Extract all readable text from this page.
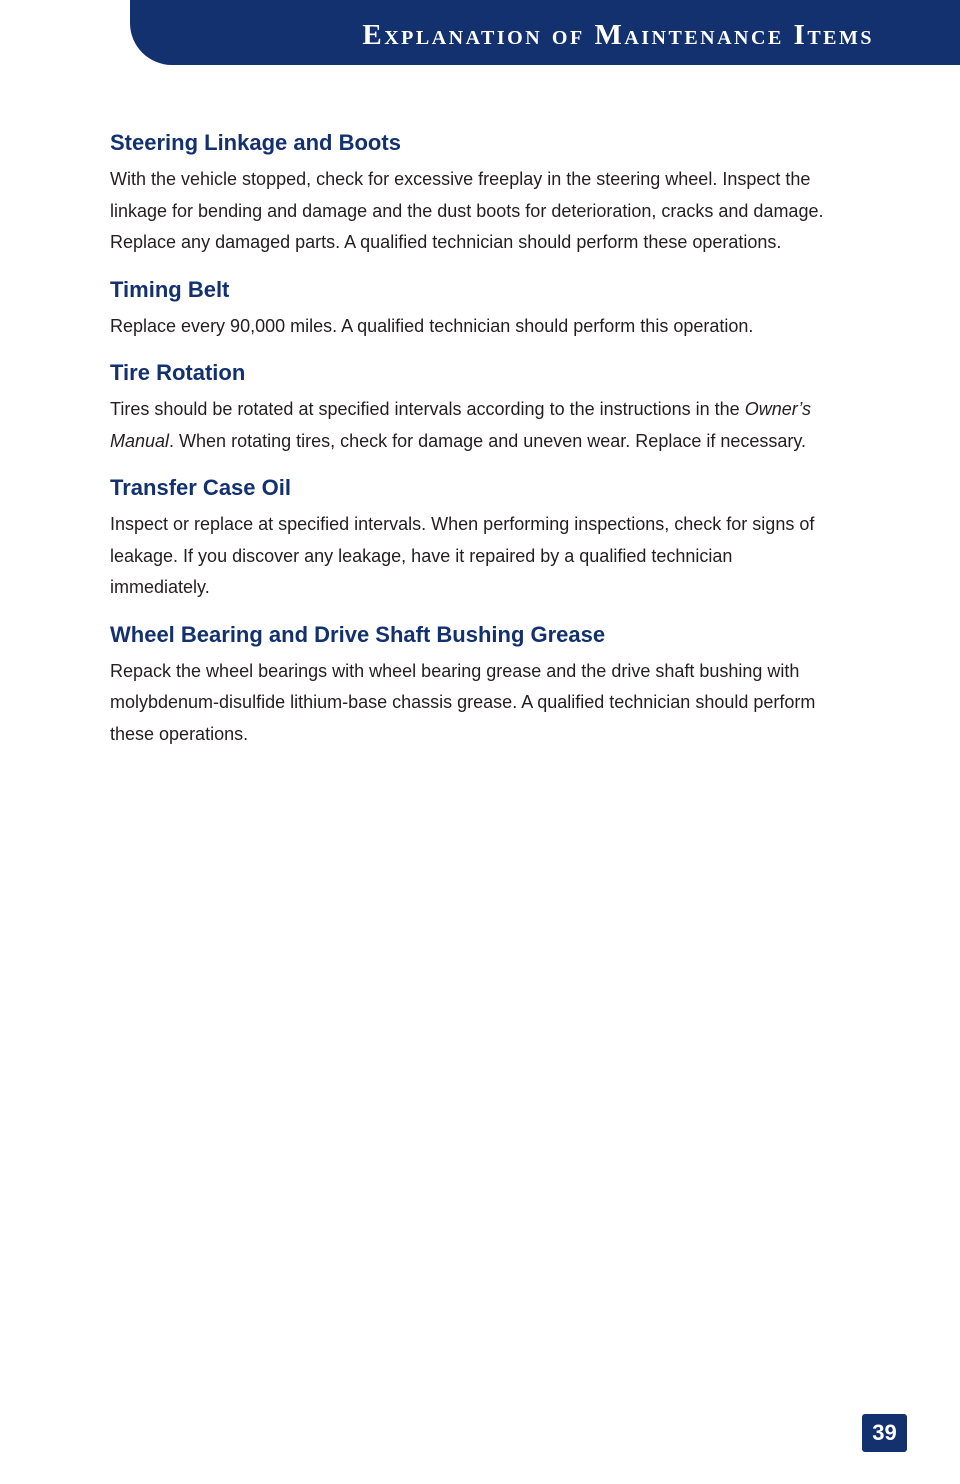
Explanation of Maintenance Items
Steering Linkage and Boots

With the vehicle stopped, check for excessive freeplay in the steering wheel. Inspect the linkage for bending and damage and the dust boots for deterioration, cracks and damage. Replace any damaged parts. A qualified technician should perform these operations.

Timing Belt

Replace every 90,000 miles. A qualified technician should perform this operation.

Tire Rotation

Tires should be rotated at specified intervals according to the instructions in the Owner’s Manual. When rotating tires, check for damage and uneven wear. Replace if necessary.

Transfer Case Oil

Inspect or replace at specified intervals. When performing inspections, check for signs of leakage. If you discover any leakage, have it repaired by a qualified technician immediately.

Wheel Bearing and Drive Shaft Bushing Grease

Repack the wheel bearings with wheel bearing grease and the drive shaft bushing with molybdenum-disulfide lithium-base chassis grease. A qualified technician should perform these operations.

39
